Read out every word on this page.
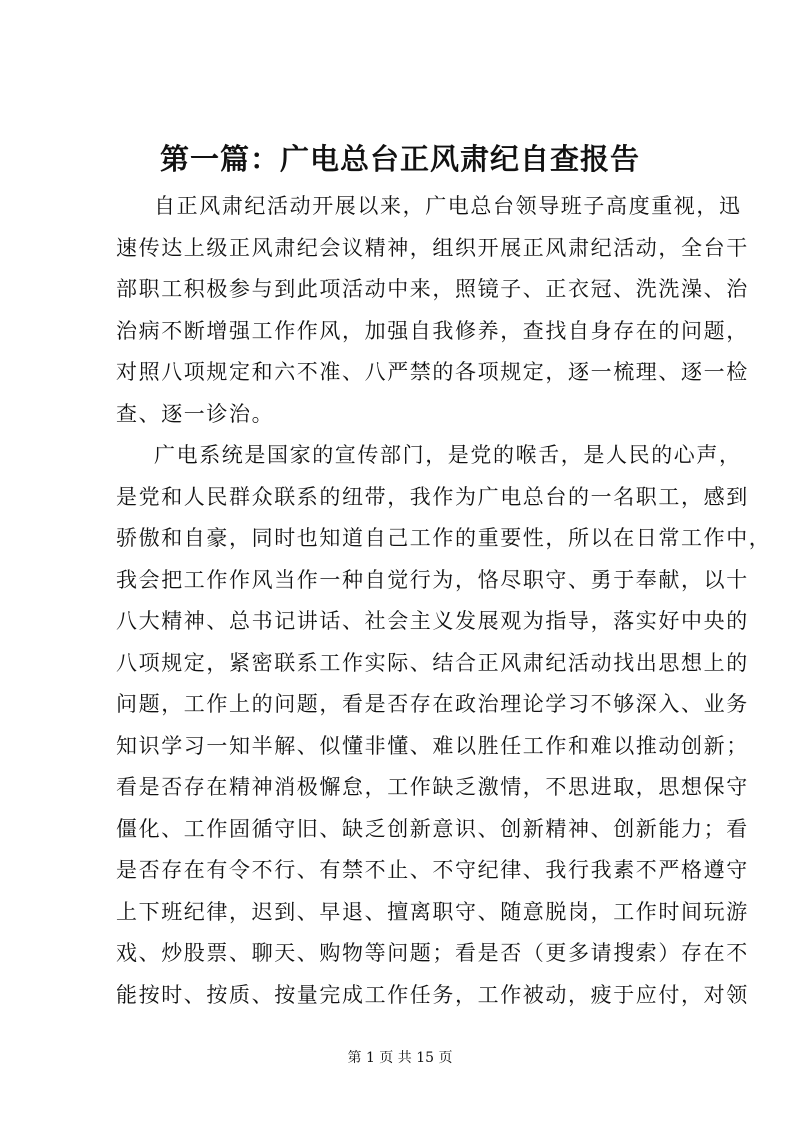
第一篇：广电总台正风肃纪自查报告
自正风肃纪活动开展以来，广电总台领导班子高度重视，迅
速传达上级正风肃纪会议精神，组织开展正风肃纪活动，全台干
部职工积极参与到此项活动中来，照镜子、正衣冠、洗洗澡、治
治病不断增强工作作风，加强自我修养，查找自身存在的问题，
对照八项规定和六不准、八严禁的各项规定，逐一梳理、逐一检
查、逐一诊治。
广电系统是国家的宣传部门，是党的喉舌，是人民的心声，
是党和人民群众联系的纽带，我作为广电总台的一名职工，感到
骄傲和自豪，同时也知道自己工作的重要性，所以在日常工作中，
我会把工作作风当作一种自觉行为，恪尽职守、勇于奉献，以十
八大精神、总书记讲话、社会主义发展观为指导，落实好中央的
八项规定，紧密联系工作实际、结合正风肃纪活动找出思想上的
问题，工作上的问题，看是否存在政治理论学习不够深入、业务
知识学习一知半解、似懂非懂、难以胜任工作和难以推动创新；
看是否存在精神消极懈怠，工作缺乏激情，不思进取，思想保守
僵化、工作固循守旧、缺乏创新意识、创新精神、创新能力；看
是否存在有令不行、有禁不止、不守纪律、我行我素不严格遵守
上下班纪律，迟到、早退、擅离职守、随意脱岗，工作时间玩游
戏、炒股票、聊天、购物等问题；看是否（更多请搜索）存在不
能按时、按质、按量完成工作任务，工作被动，疲于应付，对领
第 1 页 共 15 页
